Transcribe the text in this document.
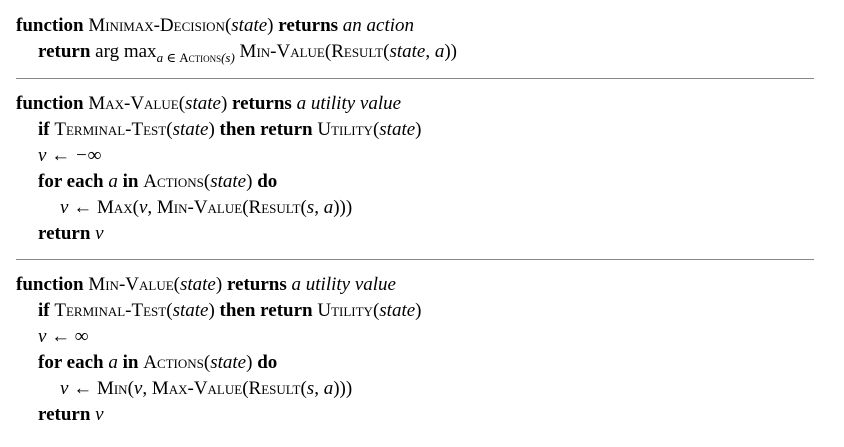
function Minimax-Decision(state) returns an action
return arg $\max_{a \in Actions(s)}$ Min-Value(Result(state, a))
function Max-Value(state) returns a utility value
if Terminal-Test(state) then return Utility(state)
v ← −∞
for each a in Actions(state) do
v ← Max(v, Min-Value(Result(s, a)))
return v
function Min-Value(state) returns a utility value
if Terminal-Test(state) then return Utility(state)
v ← ∞
for each a in Actions(state) do
v ← Min(v, Max-Value(Result(s, a)))
return v
